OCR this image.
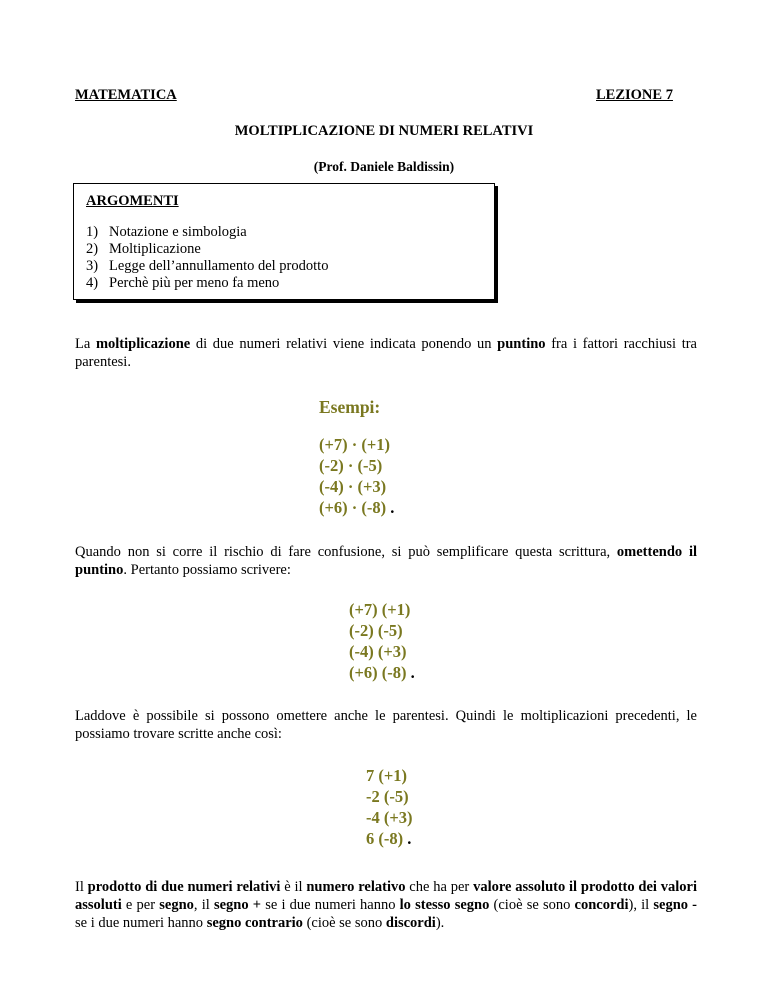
MATEMATICA	LEZIONE 7
MOLTIPLICAZIONE DI NUMERI RELATIVI
(Prof. Daniele Baldissin)
ARGOMENTI
1) Notazione e simbologia
2) Moltiplicazione
3) Legge dell’annullamento del prodotto
4) Perchè più per meno fa meno
La moltiplicazione di due numeri relativi viene indicata ponendo un puntino fra i fattori racchiusi tra parentesi.
Esempi:
(+7) · (+1)
(-2) · (-5)
(-4) · (+3)
(+6) · (-8) .
Quando non si corre il rischio di fare confusione, si può semplificare questa scrittura, omettendo il puntino. Pertanto possiamo scrivere:
(+7) (+1)
(-2) (-5)
(-4) (+3)
(+6) (-8) .
Laddove è possibile si possono omettere anche le parentesi. Quindi le moltiplicazioni precedenti, le possiamo trovare scritte anche così:
7 (+1)
-2 (-5)
-4 (+3)
6 (-8) .
Il prodotto di due numeri relativi è il numero relativo che ha per valore assoluto il prodotto dei valori assoluti e per segno, il segno + se i due numeri hanno lo stesso segno (cioè se sono concordi), il segno - se i due numeri hanno segno contrario (cioè se sono discordi).
